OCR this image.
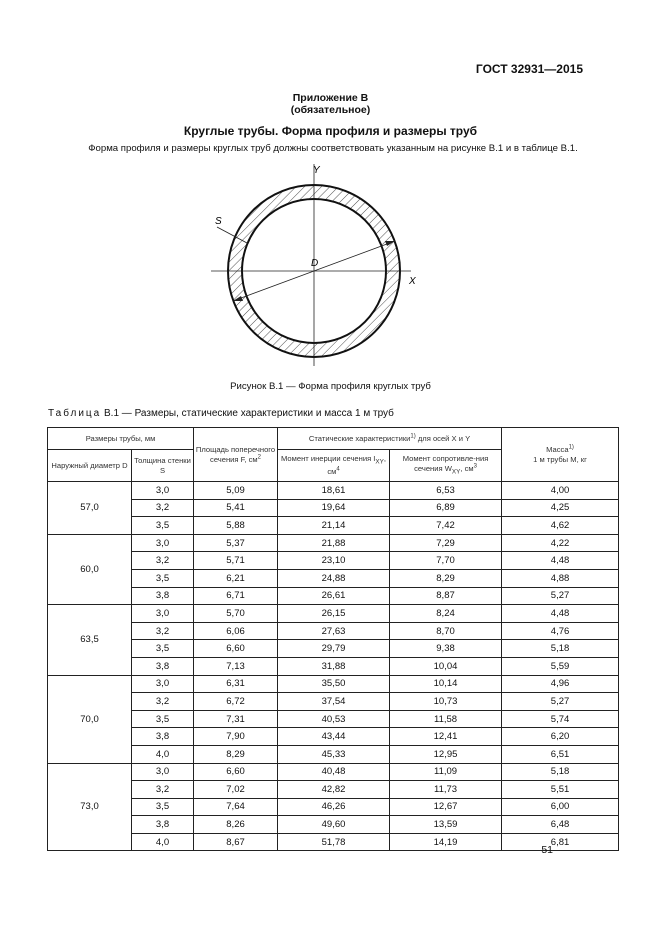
ГОСТ 32931—2015
Приложение В
(обязательное)
Круглые трубы. Форма профиля и размеры труб
Форма профиля и размеры круглых труб должны соответствовать указанным на рисунке В.1 и в таблице В.1.
S
D
Y
X
Рисунок В.1 — Форма профиля круглых труб
Таблица В.1 — Размеры, статические характеристики и масса 1 м труб
Размеры трубы, мм		Площадь поперечного сечения F, $см^2$	Статические характеристики$^{1)}$ для осей X и Y		Масса$^{1)}$
1 м трубы M, кг
Наружный диаметр D	Толщина стенки S		Момент инерции сечения $I_{XY}$, $см^4$	Момент сопротивле-ния сечения $W_{XY}$, $см^3$
57,0	3,0	5,09	18,61	6,53	4,00
	3,2	5,41	19,64	6,89	4,25
	3,5	5,88	21,14	7,42	4,62
60,0	3,0	5,37	21,88	7,29	4,22
	3,2	5,71	23,10	7,70	4,48
	3,5	6,21	24,88	8,29	4,88
	3,8	6,71	26,61	8,87	5,27
63,5	3,0	5,70	26,15	8,24	4,48
	3,2	6,06	27,63	8,70	4,76
	3,5	6,60	29,79	9,38	5,18
	3,8	7,13	31,88	10,04	5,59
70,0	3,0	6,31	35,50	10,14	4,96
	3,2	6,72	37,54	10,73	5,27
	3,5	7,31	40,53	11,58	5,74
	3,8	7,90	43,44	12,41	6,20
	4,0	8,29	45,33	12,95	6,51
73,0	3,0	6,60	40,48	11,09	5,18
	3,2	7,02	42,82	11,73	5,51
	3,5	7,64	46,26	12,67	6,00
	3,8	8,26	49,60	13,59	6,48
	4,0	8,67	51,78	14,19	6,81
51
